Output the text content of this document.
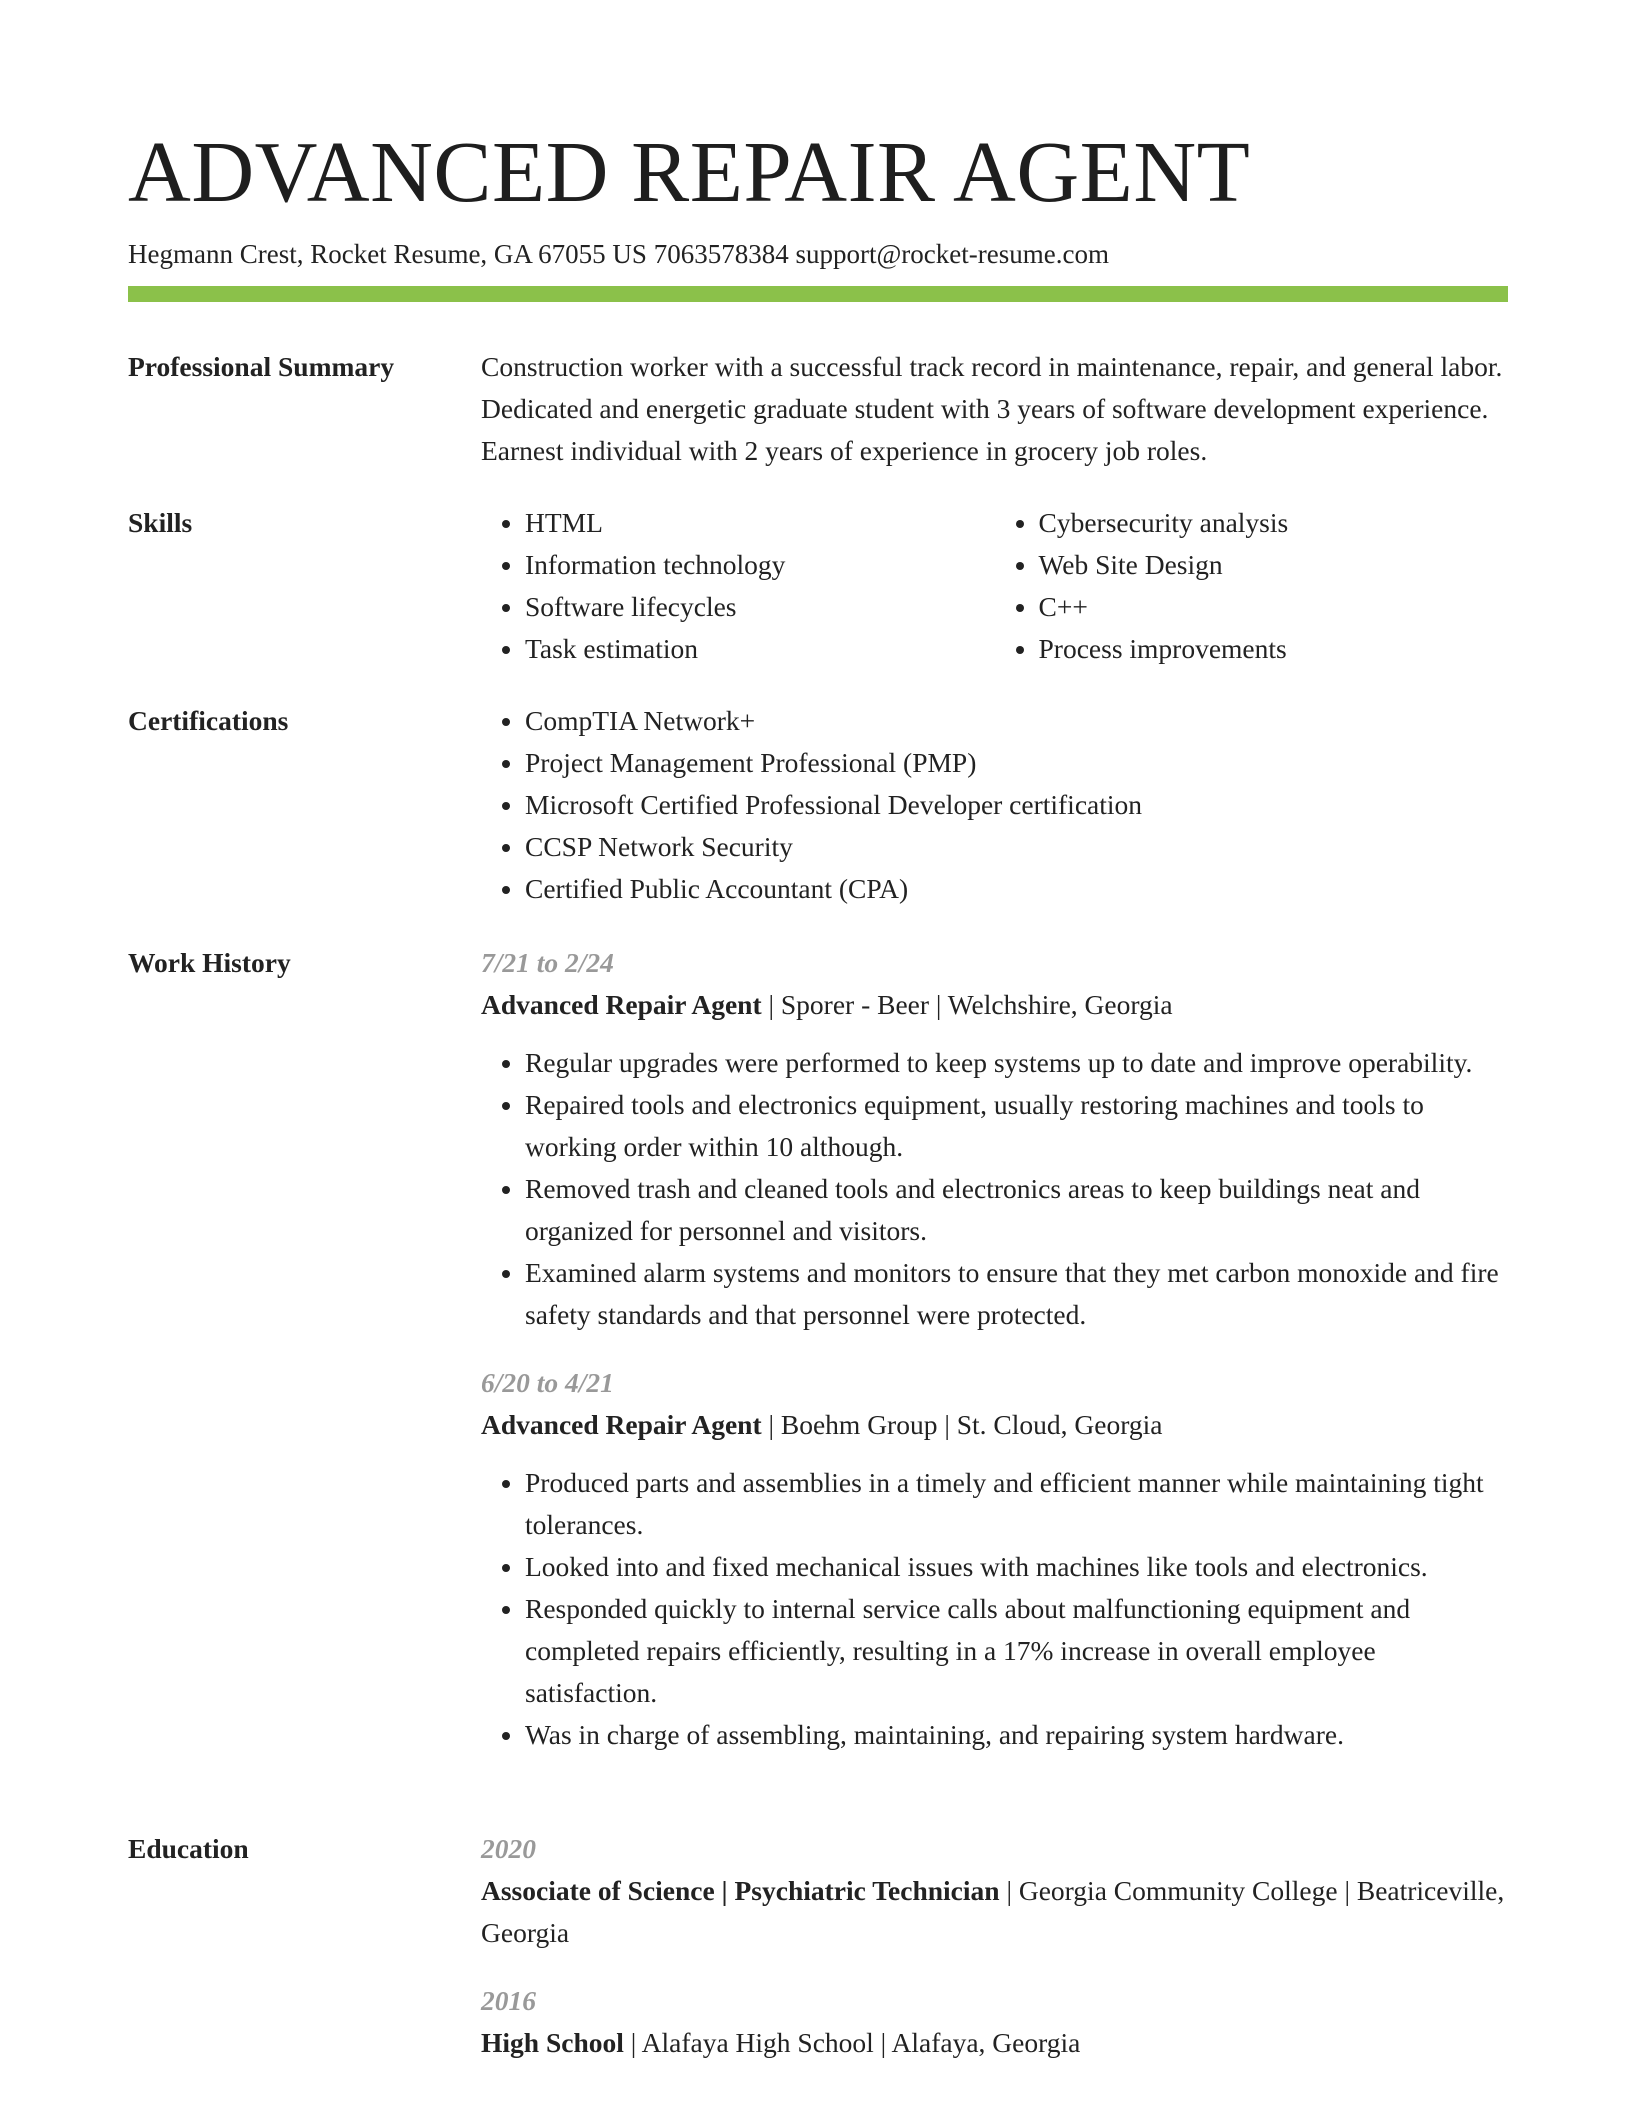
ADVANCED REPAIR AGENT
Hegmann Crest, Rocket Resume, GA 67055 US 7063578384 support@rocket-resume.com
Professional Summary	Construction worker with a successful track record in maintenance, repair, and general labor. Dedicated and energetic graduate student with 3 years of software development experience. Earnest individual with 2 years of experience in grocery job roles.
Skills	• HTML
• Information technology
• Software lifecycles
• Task estimation
• Cybersecurity analysis
• Web Site Design
• C++
• Process improvements
Certifications	• CompTIA Network+
• Project Management Professional (PMP)
• Microsoft Certified Professional Developer certification
• CCSP Network Security
• Certified Public Accountant (CPA)
Work History	7/21 to 2/24
Advanced Repair Agent | Sporer - Beer | Welchshire, Georgia
• Regular upgrades were performed to keep systems up to date and improve operability.
• Repaired tools and electronics equipment, usually restoring machines and tools to working order within 10 although.
• Removed trash and cleaned tools and electronics areas to keep buildings neat and organized for personnel and visitors.
• Examined alarm systems and monitors to ensure that they met carbon monoxide and fire safety standards and that personnel were protected.
6/20 to 4/21
Advanced Repair Agent | Boehm Group | St. Cloud, Georgia
• Produced parts and assemblies in a timely and efficient manner while maintaining tight tolerances.
• Looked into and fixed mechanical issues with machines like tools and electronics.
• Responded quickly to internal service calls about malfunctioning equipment and completed repairs efficiently, resulting in a 17% increase in overall employee satisfaction.
• Was in charge of assembling, maintaining, and repairing system hardware.
Education	2020
Associate of Science | Psychiatric Technician | Georgia Community College | Beatriceville, Georgia
2016
High School | Alafaya High School | Alafaya, Georgia
